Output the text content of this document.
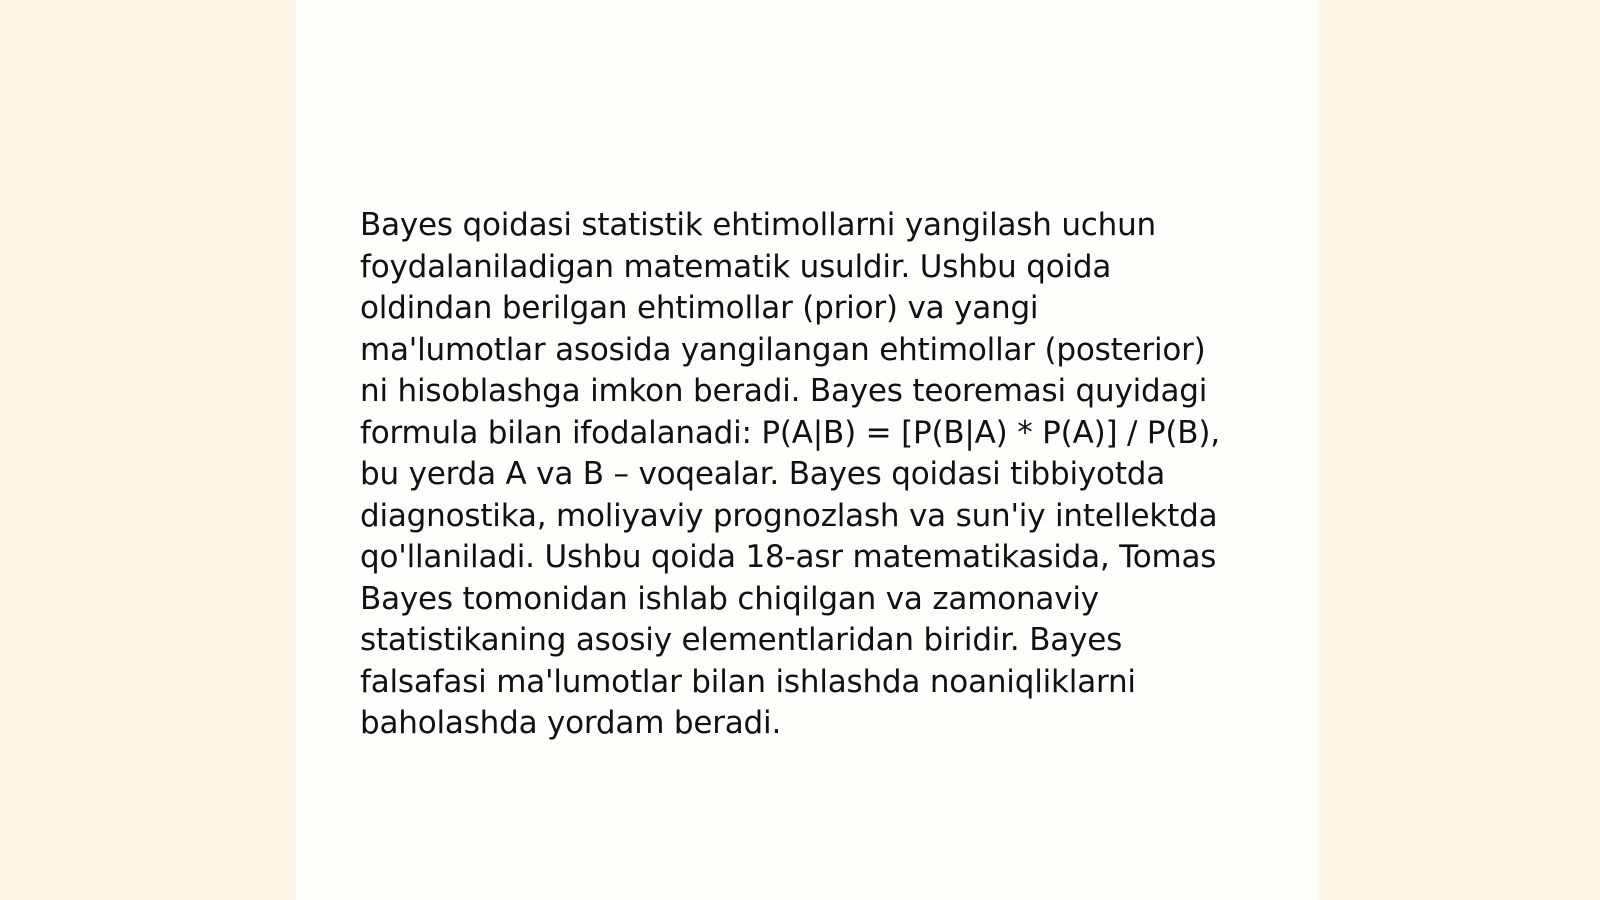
Bayes qoidasi statistik ehtimollarni yangilash uchun foydalaniladigan matematik usuldir. Ushbu qoida oldindan berilgan ehtimollar (prior) va yangi ma'lumotlar asosida yangilangan ehtimollar (posterior) ni hisoblashga imkon beradi. Bayes teoremasi quyidagi formula bilan ifodalanadi: P(A|B) = [P(B|A) * P(A)] / P(B), bu yerda A va B – voqealar. Bayes qoidasi tibbiyotda diagnostika, moliyaviy prognozlash va sun'iy intellektda qo'llaniladi. Ushbu qoida 18-asr matematikasida, Tomas Bayes tomonidan ishlab chiqilgan va zamonaviy statistikaning asosiy elementlaridan biridir. Bayes falsafasi ma'lumotlar bilan ishlashda noaniqliklarni baholashda yordam beradi.
